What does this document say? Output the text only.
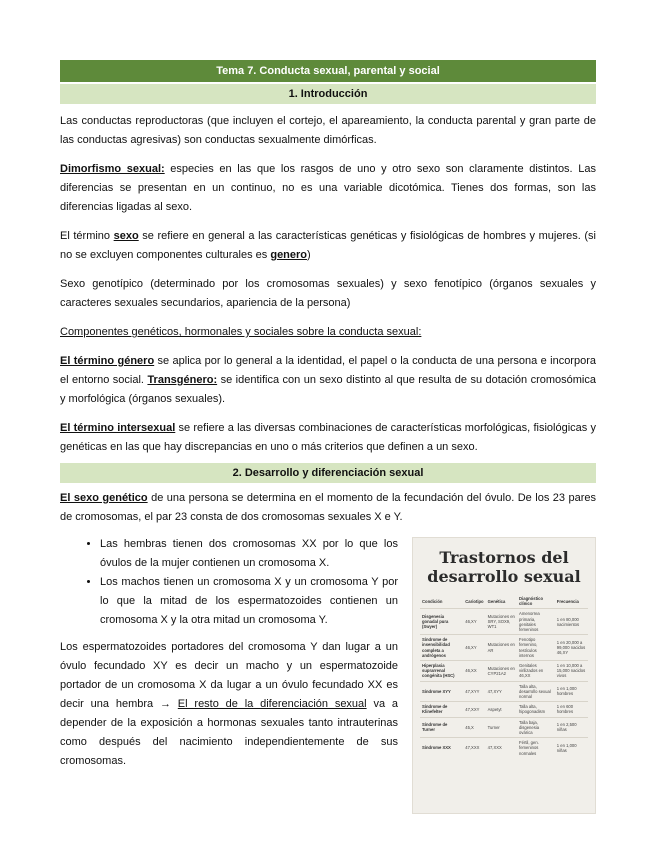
Tema 7. Conducta sexual, parental y social
1. Introducción

Las conductas reproductoras (que incluyen el cortejo, el apareamiento, la conducta parental y gran parte de las conductas agresivas) son conductas sexualmente dimórficas.

Dimorfismo sexual: especies en las que los rasgos de uno y otro sexo son claramente distintos. Las diferencias se presentan en un continuo, no es una variable dicotómica. Tienes dos formas, son las diferencias ligadas al sexo.

El término sexo se refiere en general a las características genéticas y fisiológicas de hombres y mujeres. (si no se excluyen componentes culturales es genero)

Sexo genotípico (determinado por los cromosomas sexuales) y sexo fenotípico (órganos sexuales y caracteres sexuales secundarios, apariencia de la persona)

Componentes genéticos, hormonales y sociales sobre la conducta sexual:

El término género se aplica por lo general a la identidad, el papel o la conducta de una persona e incorpora el entorno social. Transgénero: se identifica con un sexo distinto al que resulta de su dotación cromosómica y morfológica (órganos sexuales).

El término intersexual se refiere a las diversas combinaciones de características morfológicas, fisiológicas y genéticas en las que hay discrepancias en uno o más criterios que definen a un sexo.

2. Desarrollo y diferenciación sexual

El sexo genético de una persona se determina en el momento de la fecundación del óvulo. De los 23 pares de cromosomas, el par 23 consta de dos cromosomas sexuales X e Y.

• Las hembras tienen dos cromosomas XX por lo que los óvulos de la mujer contienen un cromosoma X.
• Los machos tienen un cromosoma X y un cromosoma Y por lo que la mitad de los espermatozoides contienen un cromosoma X y la otra mitad un cromosoma Y.

Los espermatozoides portadores del cromosoma Y dan lugar a un óvulo fecundado XY es decir un macho y un espermatozoide portador de un cromosoma X da lugar a un óvulo fecundado XX es decir una hembra → El resto de la diferenciación sexual va a depender de la exposición a hormonas sexuales tanto intrauterinas como después del nacimiento independientemente de sus cromosomas.

Trastornos del
desarrollo sexual
Condición	Cariotipo	Genética	Diagnóstico clínico	Frecuencia
Disgenesia gonadal pura (Swyer)	46,XY	Mutaciones en SRY, SOX9, WT1	Amenorrea primaria, genitales femeninos	1 en 80,000 nacimientos
Síndrome de insensibilidad completa a andrógenos	46,XY	Mutaciones en AR	Fenotipo femenino, testículos internos	1 en 20,000 a 99,000 nacidos 46,XY
Hiperplasia suprarrenal congénita (HSC)	46,XX	Mutaciones en CYP21A2	Genitales virilizados en 46,XX	1 en 10,000 a 15,000 nacidos vivos
Síndrome XYY	47,XYY	47,XYY	Talla alta, desarrollo sexual normal	1 en 1,000 hombres
Síndrome de Klinefelter	47,XXY	Aspetyt	Talla alta, hipogonadism	1 en 600 hombres
Síndrome de Turner	45,X	Turner	Talla baja, disgenesia ovárica	1 en 2,500 niñas
Síndrome XXX	47,XXX	47,XXX	Fértil, gen. femeninos normales	1 en 1,000 niñas
